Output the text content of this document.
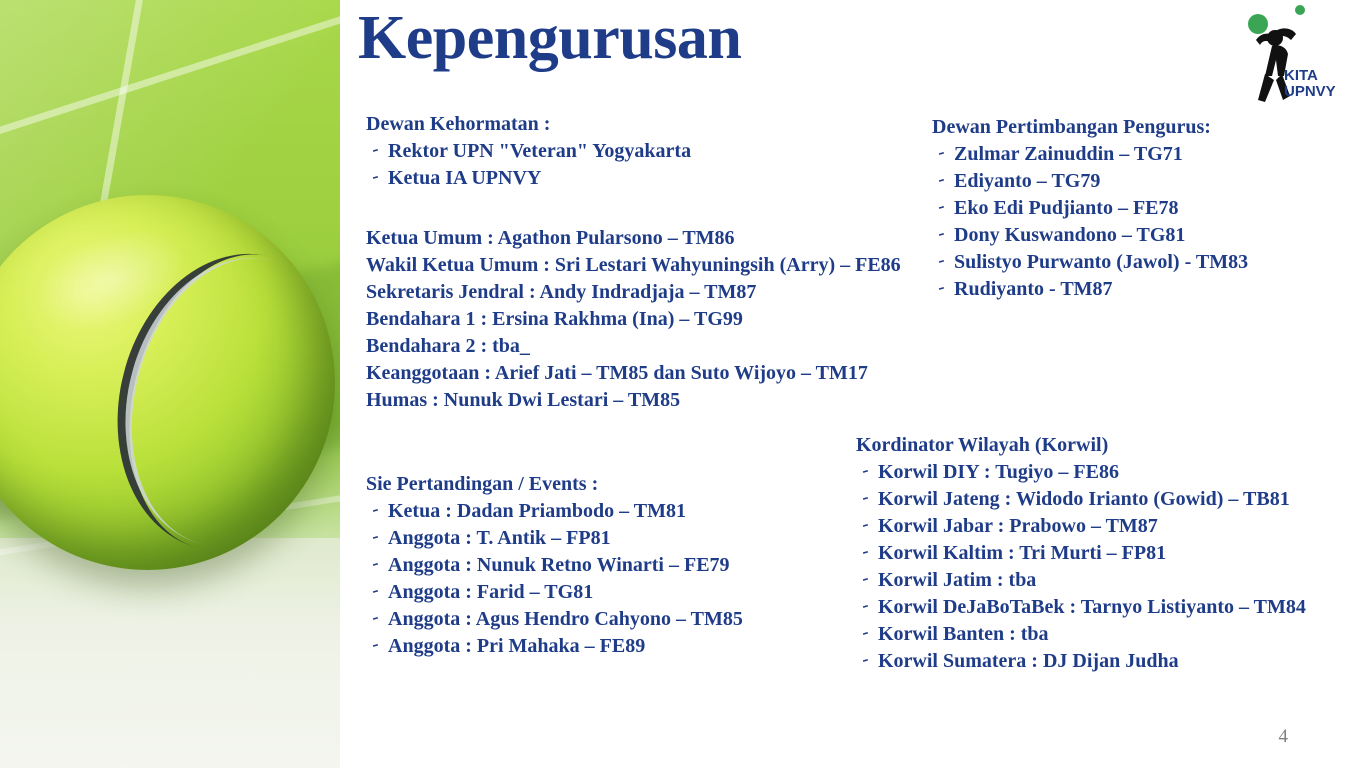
Kepengurusan
KITA
UPNVY
Dewan Kehormatan :
- Rektor UPN "Veteran" Yogyakarta
- Ketua IA UPNVY
Ketua Umum : Agathon Pularsono – TM86
Wakil Ketua Umum : Sri Lestari Wahyuningsih (Arry) – FE86
Sekretaris Jendral : Andy Indradjaja – TM87
Bendahara 1 : Ersina Rakhma (Ina) – TG99
Bendahara 2 : tba_
Keanggotaan : Arief Jati – TM85 dan Suto Wijoyo – TM17
Humas : Nunuk Dwi Lestari – TM85
Sie Pertandingan / Events :
- Ketua : Dadan Priambodo – TM81
- Anggota : T. Antik – FP81
- Anggota : Nunuk Retno Winarti – FE79
- Anggota : Farid – TG81
- Anggota : Agus Hendro Cahyono – TM85
- Anggota : Pri Mahaka – FE89
Dewan Pertimbangan Pengurus:
- Zulmar Zainuddin – TG71
- Ediyanto – TG79
- Eko Edi Pudjianto – FE78
- Dony Kuswandono – TG81
- Sulistyo Purwanto (Jawol) - TM83
- Rudiyanto - TM87
Kordinator Wilayah (Korwil)
- Korwil DIY : Tugiyo – FE86
- Korwil Jateng : Widodo Irianto (Gowid) – TB81
- Korwil Jabar : Prabowo – TM87
- Korwil Kaltim : Tri Murti – FP81
- Korwil Jatim : tba
- Korwil DeJaBoTaBek : Tarnyo Listiyanto – TM84
- Korwil Banten : tba
- Korwil Sumatera : DJ Dijan Judha
4
